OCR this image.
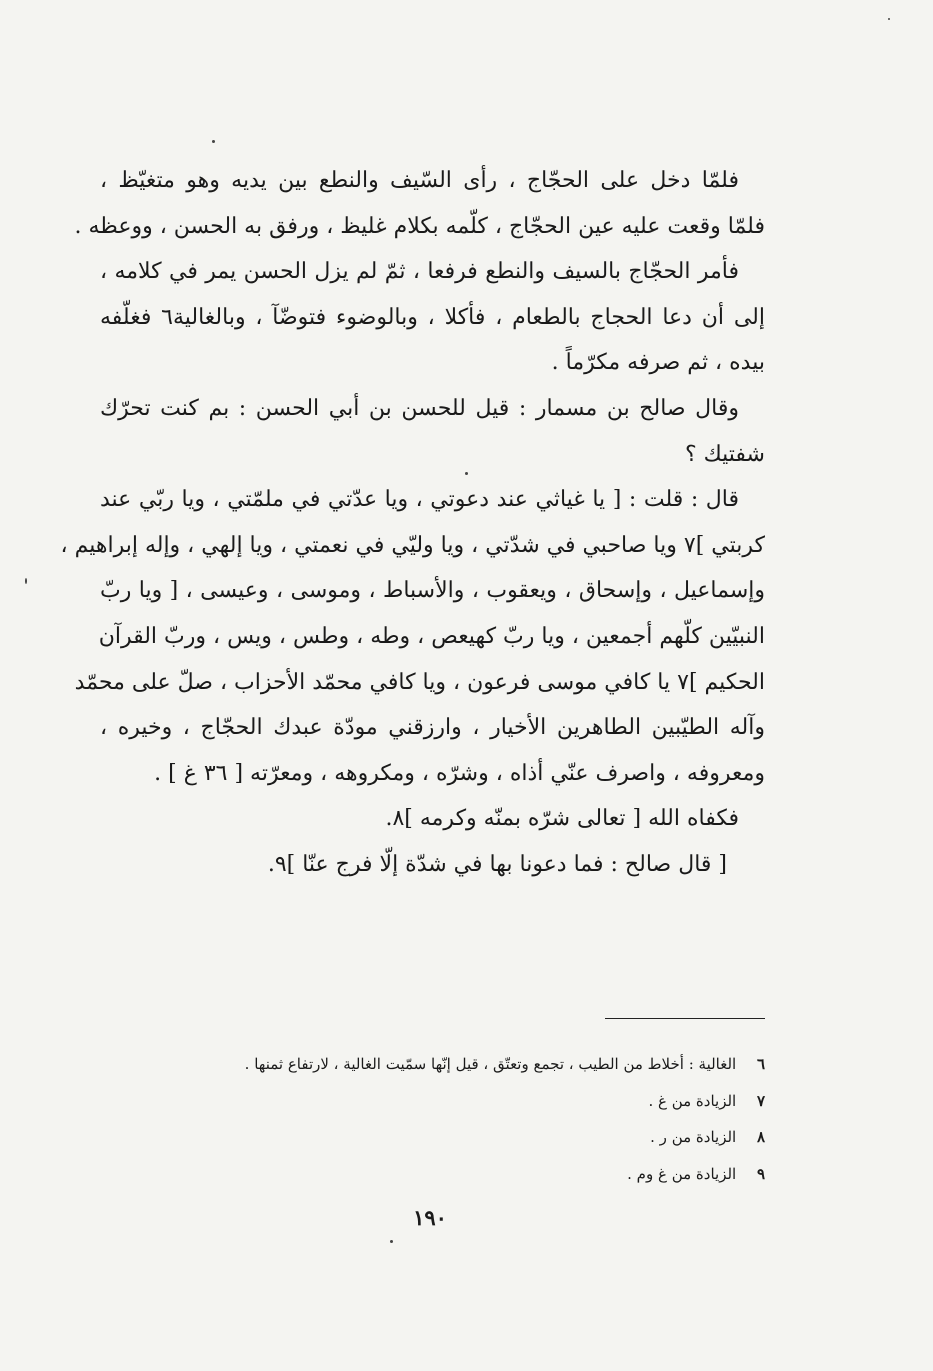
فلمّا دخل على الحجّاج ، رأى السّيف والنطع بين يديه وهو متغيّظ ،
فلمّا وقعت عليه عين الحجّاج ، كلّمه بكلام غليظ ، ورفق به الحسن ، ووعظه .
فأمر الحجّاج بالسيف والنطع فرفعا ، ثمّ لم يزل الحسن يمر في كلامه ،
إلى أن دعا الحجاج بالطعام ، فأكلا ، وبالوضوء فتوضّآ ، وبالغالية٦ فغلّفه
بيده ، ثم صرفه مكرّماً .
وقال صالح بن مسمار : قيل للحسن بن أبي الحسن : بم كنت تحرّك
شفتيك ؟
قال : قلت : [ يا غياثي عند دعوتي ، ويا عدّتي في ملمّتي ، ويا ربّي عند
كربتي ]٧ ويا صاحبي في شدّتي ، ويا وليّي في نعمتي ، ويا إلهي ، وإله إبراهيم ،
وإسماعيل ، وإسحاق ، ويعقوب ، والأسباط ، وموسى ، وعيسى ، [ ويا ربّ
النبيّين كلّهم أجمعين ، ويا ربّ كهيعص ، وطه ، وطس ، ويس ، وربّ القرآن
الحكيم ]٧ يا كافي موسى فرعون ، ويا كافي محمّد الأحزاب ، صلّ على محمّد
وآله الطيّبين الطاهرين الأخيار ، وارزقني مودّة عبدك الحجّاج ، وخيره ،
ومعروفه ، واصرف عنّي أذاه ، وشرّه ، ومكروهه ، ومعرّته [ ٣٦ غ ] .
فكفاه الله [ تعالى شرّه بمنّه وكرمه ]٨.
[ قال صالح : فما دعونا بها في شدّة إلّا فرج عنّا ]٩.
٦ الغالية : أخلاط من الطيب ، تجمع وتعتّق ، قيل إنّها سمّيت الغالية ، لارتفاع ثمنها .
٧ الزيادة من غ .
٨ الزيادة من ر .
٩ الزيادة من غ وم .
١٩٠
